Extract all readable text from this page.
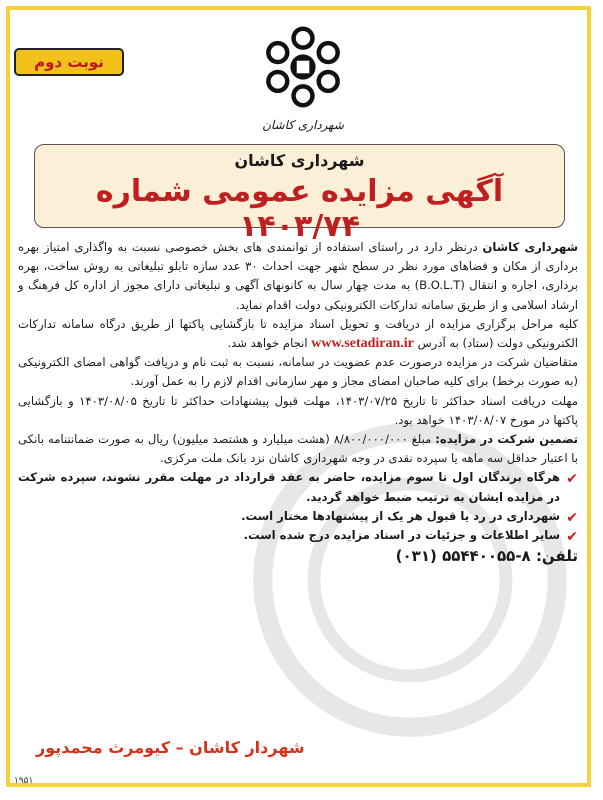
نوبت دوم
شهرداری کاشان
شهرداری کاشان
آگهی مزایده عمومی شماره ۱۴۰۳/۷۴

شهرداری کاشان درنظر دارد در راستای استفاده از توانمندی های بخش خصوصی نسبت به واگذاری امتیاز بهره برداری از مکان و فضاهای مورد نظر در سطح شهر جهت احداث ۳۰ عدد سازه تابلو تبلیغاتی به روش ساخت، بهره برداری، اجاره و انتقال (B.O.L.T) به مدت چهار سال به کانونهای آگهی و تبلیغاتی دارای مجوز از اداره کل فرهنگ و ارشاد اسلامی و از طریق سامانه تدارکات الکترونیکی دولت اقدام نماید.

کلیه مراحل برگزاری مزایده از دریافت و تحویل اسناد مزایده تا بازگشایی پاکتها از طریق درگاه سامانه تدارکات الکترونیکی دولت (ستاد) به آدرس www.setadiran.ir انجام خواهد شد.

متقاضیان شرکت در مزایده درصورت عدم عضویت در سامانه، نسبت به ثبت نام و دریافت گواهی امضای الکترونیکی (به صورت برخط) برای کلیه صاحبان امضای مجاز و مهر سازمانی اقدام لازم را به عمل آورند.

مهلت دریافت اسناد حداکثر تا تاریخ ۱۴۰۳/۰۷/۲۵، مهلت قبول پیشنهادات حداکثر تا تاریخ ۱۴۰۳/۰۸/۰۵ و بازگشایی پاکتها در مورخ ۱۴۰۳/۰۸/۰۷ خواهد بود.

تضمین شرکت در مزایده: مبلغ ۸/۸۰۰/۰۰۰/۰۰۰ (هشت میلیارد و هشتصد میلیون) ریال به صورت ضمانتنامه بانکی با اعتبار حداقل سه ماهه یا سپرده نقدی در وجه شهرداری کاشان نزد بانک ملت مرکزی.

✔
هرگاه برندگان اول تا سوم مزایده، حاضر به عقد قرارداد در مهلت مقرر نشوند، سپرده شرکت در مزایده ایشان به ترتیب ضبط خواهد گردید.
✔
شهرداری در رد یا قبول هر یک از پیشنهادها مختار است.
✔
سایر اطلاعات و جزئیات در اسناد مزایده درج شده است.
تلفن: (۰۳۱) ۵۵۴۴۰۰۵۵-۸
شهردار کاشان – کیومرث محمدپور
۱۹۵۱
